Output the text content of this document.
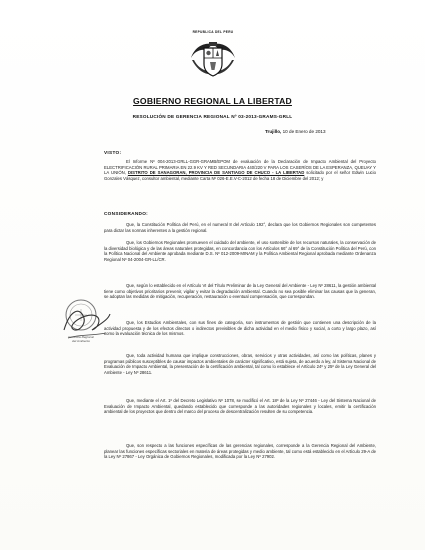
REPUBLICA DEL PERU
GOBIERNO REGIONAL LA LIBERTAD
RESOLUCIÓN DE GERENCIA REGIONAL Nº 03-2013-GRAMS-GRLL
Trujillo, 10 de Enero de 2013
VISTO:

El Informe Nº 004-2013-GRLL-GGR-GRAMB/EPOM de evaluación de la Declaración de Impacto Ambiental del Proyecto ELECTRIFICACIÓN RURAL PRIMARIA EN 22.9 KV Y RED SECUNDARIA 440/220 V PARA LOS CASERÍOS DE LA ESPERANZA, QUEUAY Y LA UNIÓN, DISTRITO DE SANAGORAN, PROVINCIA DE SANTIAGO DE CHUCO - LA LIBERTAD solicitado por el señor Edwin Lucio Gonzales Vásquez, consultor ambiental, mediante Carta Nº 026-E.E.V-C-2012 de fecha 18 de Diciembre del 2012; y

CONSIDERANDO:

Que, la Constitución Política del Perú, en el numeral 8 del Artículo 192°, declara que los Gobiernos Regionales son competentes para dictar las normas inherentes a la gestión regional.

Que, los Gobiernos Regionales promueven el cuidado del ambiente, el uso sostenible de los recursos naturales, la conservación de la diversidad biológica y de las áreas naturales protegidas, en concordancia con los Artículos 66° al 69° de la Constitución Política del Perú, con la Política Nacional del Ambiente aprobada mediante D.S. Nº 012-2009-MINAM y la Política Ambiental Regional aprobada mediante Ordenanza Regional Nº 04-2004-GR-LL/CR.

Que, según lo establecido en el Artículo VI del Título Preliminar de la Ley General del Ambiente - Ley Nº 28611, la gestión ambiental tiene como objetivos prioritarios prevenir, vigilar y evitar la degradación ambiental. Cuando no sea posible eliminar las causas que la generan, se adoptan las medidas de mitigación, recuperación, restauración o eventual compensación, que correspondan.

Que, los Estudios Ambientales, con sus fines de categoría, son instrumentos de gestión que contienen una descripción de la actividad propuesta y de los efectos directos o indirectos previsibles de dicha actividad en el medio físico y social, a corto y largo plazo, así como la evaluación técnica de los mismos.

Que, toda actividad humana que implique construcciones, obras, servicios y otras actividades, así como las políticas, planes y programas públicos susceptibles de causar impactos ambientales de carácter significativo, está sujeta, de acuerdo a ley, al Sistema Nacional de Evaluación de Impacto Ambiental, la presentación de la certificación ambiental, tal como lo establece el Artículo 24º y 25º de la Ley General del Ambiente - Ley Nº 28611.

Que, mediante el Art. 1º del Decreto Legislativo Nº 1078, se modificó el Art. 18º de la Ley Nº 27446 - Ley del Sistema Nacional de Evaluación de Impacto Ambiental, quedando establecido que corresponde a las autoridades regionales y locales, emitir la certificación ambiental de los proyectos que dentro del marco del proceso de descentralización resulten de su competencia.

Que, son respecto a las funciones específicas de las gerencias regionales, corresponde a la Gerencia Regional del Ambiente, planear las funciones específicas sectoriales en materia de áreas protegidas y medio ambiente, tal como está establecido en el Artículo 29-A de la Ley Nº 27867 - Ley Orgánica de Gobiernos Regionales, modificada por la Ley Nº 27902.

Gerencia Regional
del Ambiente
